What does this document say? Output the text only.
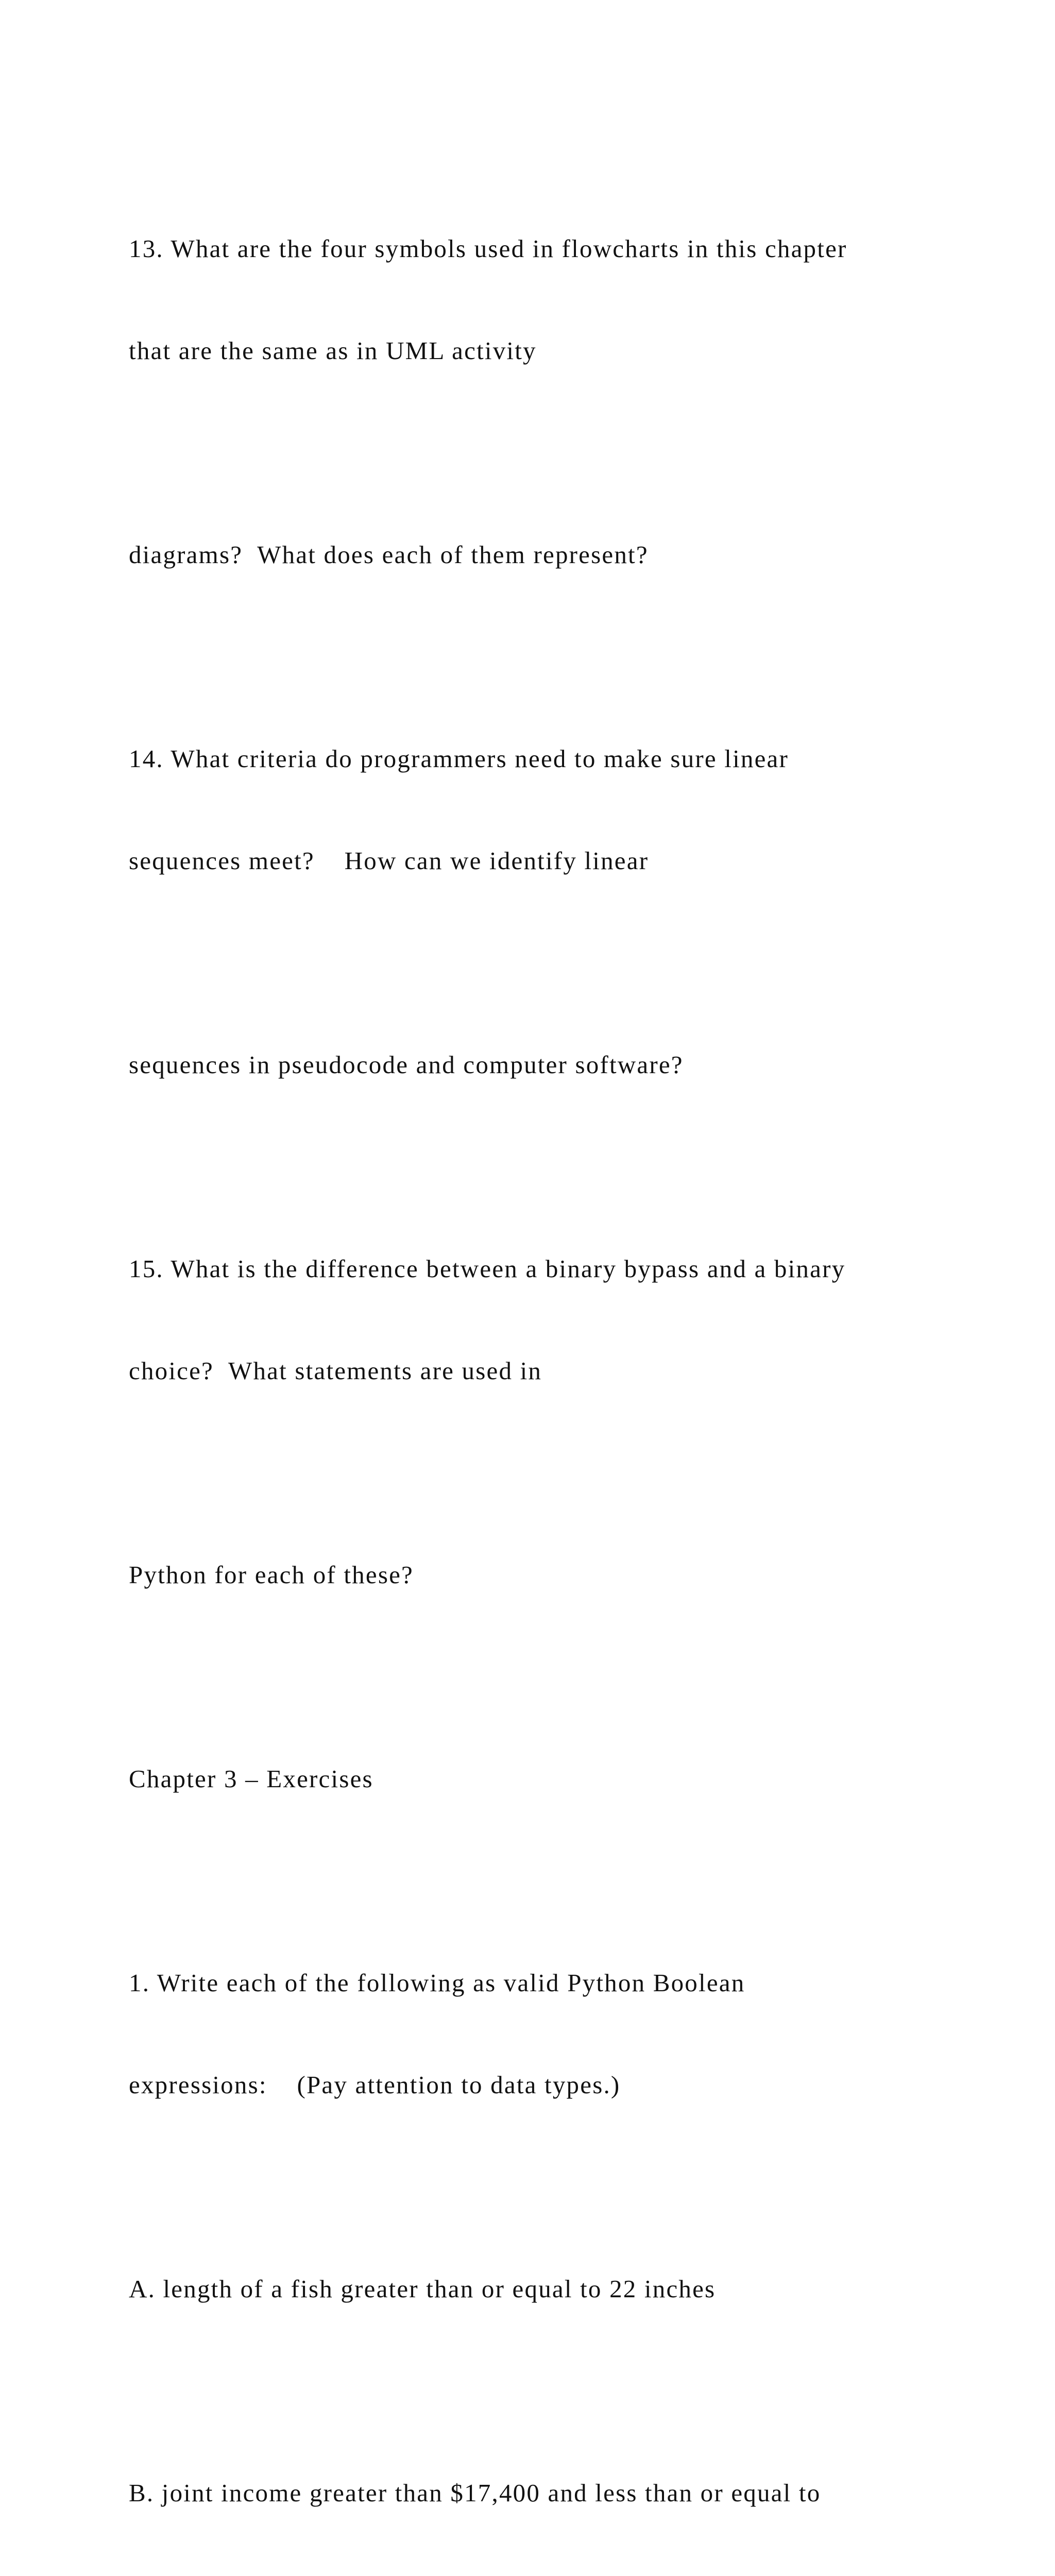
13. What are the four symbols used in flowcharts in this chapter

that are the same as in UML activity

diagrams?  What does each of them represent?

14. What criteria do programmers need to make sure linear

sequences meet?    How can we identify linear

sequences in pseudocode and computer software?

15. What is the difference between a binary bypass and a binary

choice?  What statements are used in

Python for each of these?

Chapter 3 – Exercises

1. Write each of the following as valid Python Boolean

expressions:    (Pay attention to data types.)

A. length of a fish greater than or equal to 22 inches

B. joint income greater than $17,400 and less than or equal to
